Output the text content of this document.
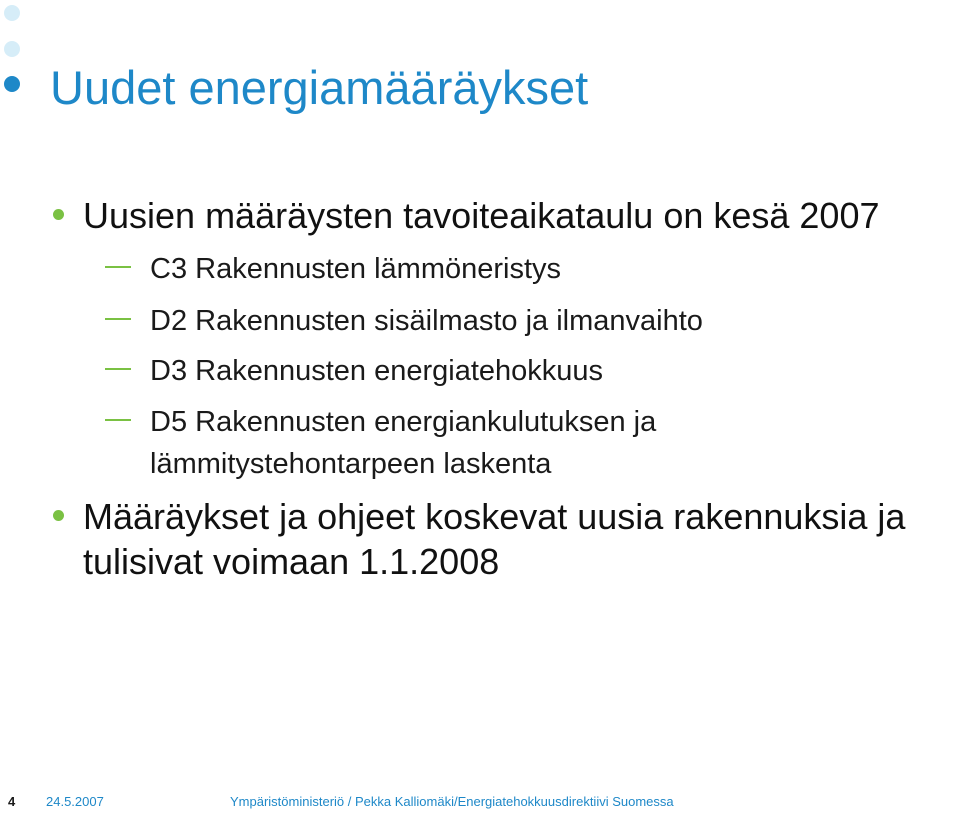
Uudet energiamääräykset
Uusien määräysten tavoiteaikataulu on kesä 2007
C3 Rakennusten lämmöneristys
D2 Rakennusten sisäilmasto ja ilmanvaihto
D3 Rakennusten energiatehokkuus
D5 Rakennusten energiankulutuksen ja lämmitystehontarpeen laskenta
Määräykset ja ohjeet koskevat uusia rakennuksia ja tulisivat voimaan 1.1.2008
4 24.5.2007	Ympäristöministeriö / Pekka Kalliomäki/Energiatehokkuusdirektiivi Suomessa
